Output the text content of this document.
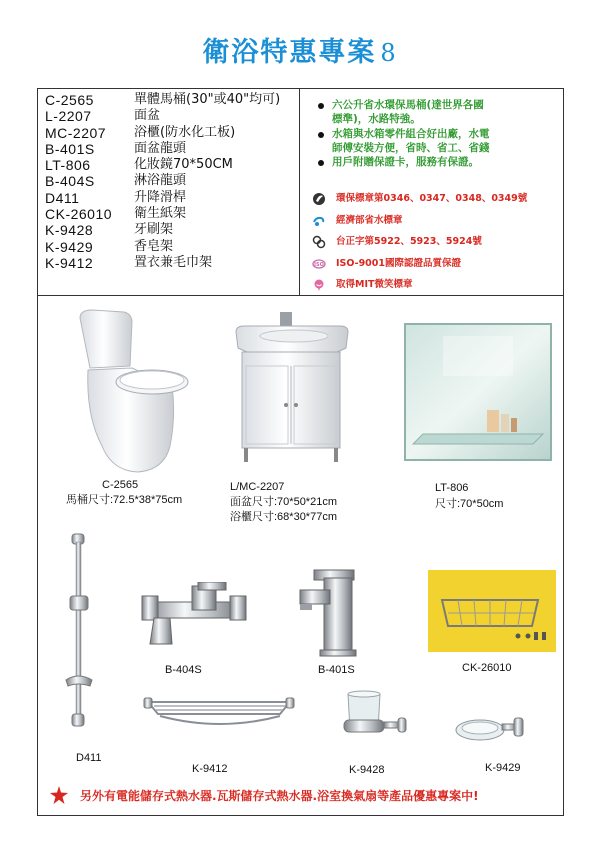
衛浴特惠專案 8
C-2565	單體馬桶(30"或40"均可)
L-2207	面盆
MC-2207 浴櫃(防水化工板)
B-401S	面盆龍頭
LT-806	化妝鏡70*50CM
B-404S	淋浴龍頭
D411	升降滑桿
CK-26010 衛生紙架
K-9428	牙刷架
K-9429	香皂架
K-9412	置衣兼毛巾架
六公升省水環保馬桶(達世界各國
標準)，水路特強。
水箱與水箱零件組合好出廠，水電
師傅安裝方便，省時、省工、省錢
用戶附贈保證卡，服務有保證。
環保標章第0346、0347、0348、0349號
經濟部省水標章
台正字第5922、5923、5924號
ISO ISO-9001國際認證品質保證
取得MIT微笑標章
C-2565
馬桶尺寸:72.5*38*75cm
L/MC-2207
面盆尺寸:70*50*21cm
浴櫃尺寸:68*30*77cm
LT-806
尺寸:70*50cm
D411
B-404S	B-401S	CK-26010
K-9412	K-9428	K-9429
另外有電能儲存式熱水器.瓦斯儲存式熱水器.浴室換氣扇等產品優惠專案中!
